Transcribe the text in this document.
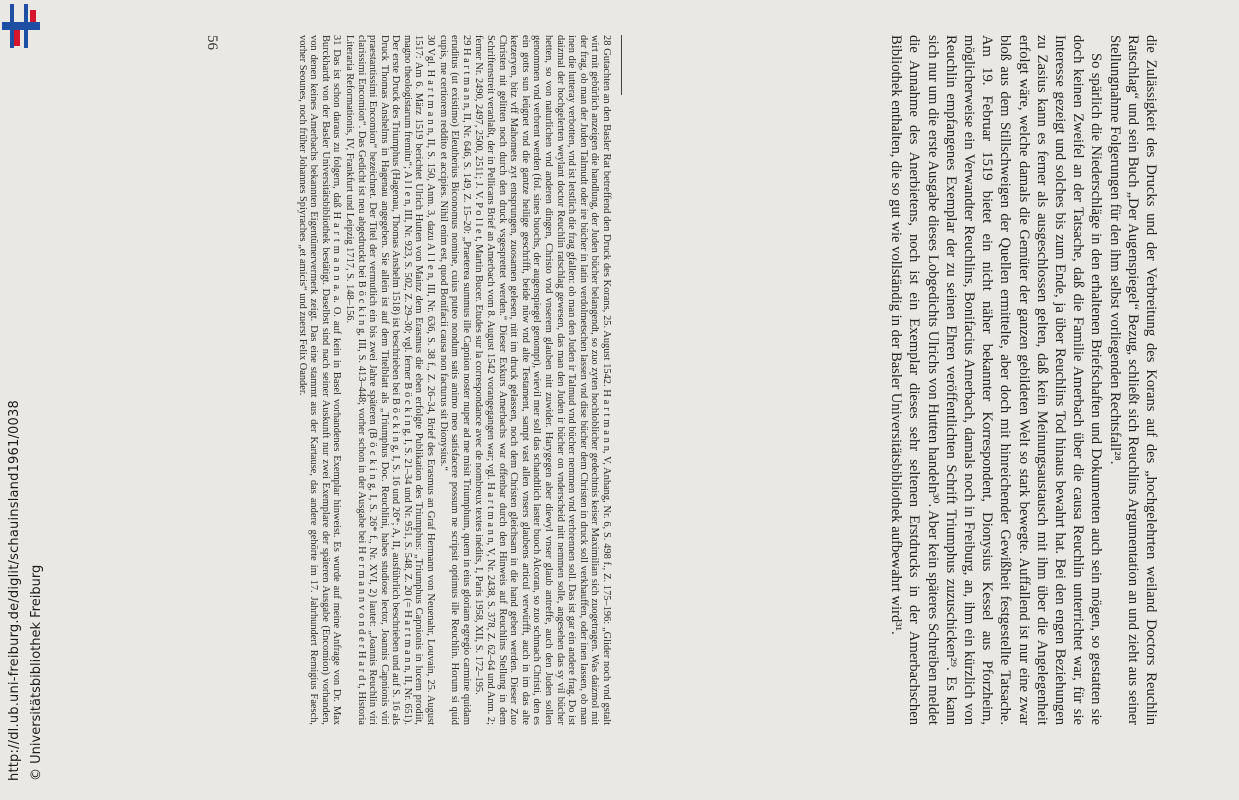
http://dl.ub.uni-freiburg.de/diglit/schauinsland1961/0038 © Universitätsbibliothek Freiburg	die Zulässigkeit des Drucks und der Verbreitung des Korans auf des „hochgelehrten weiland Doctors Reuchlin Ratschlag“ und sein Buch „Der Augenspiegel“ Bezug, schließt sich Reuchlins Argumentation an und zieht aus seiner Stellungnahme Folgerungen für den ihm selbst vorliegenden Rechtsfall²⁸.

So spärlich die Niederschläge in den erhaltenen Briefschaften und Dokumenten auch sein mögen, so gestatten sie doch keinen Zweifel an der Tatsache, daß die Familie Amerbach über die causa Reuchlin unterrichtet war, für sie Interesse gezeigt und solches bis zum Ende, ja über Reuchlins Tod hinaus bewahrt hat. Bei den engen Beziehungen zu Zasius kann es ferner als ausgeschlossen gelten, daß kein Meinungsaustausch mit ihm über die Angelegenheit erfolgt wäre, welche damals die Gemüter der ganzen gebildeten Welt so stark bewegte. Auffallend ist nur eine zwar bloß aus dem Stillschweigen der Quellen ermittelte, aber doch mit hinreichender Gewißheit festgestellte Tatsache. Am 19. Februar 1519 bietet ein nicht näher bekannter Korrespondent, Dionysius Kessel aus Pforzheim, möglicherweise ein Verwandter Reuchlins, Bonifacius Amerbach, damals noch in Freiburg, an, ihm ein kürzlich von Reuchlin empfangenes Exemplar der zu seinen Ehren veröffentlichten Schrift Triumphus zuzuschicken²⁹. Es kann sich nur um die erste Ausgabe dieses Lobgedichts Ulrichs von Hutten handeln³⁰. Aber kein späteres Schreiben meldet die Annahme des Anerbietens, noch ist ein Exemplar dieses sehr seltenen Erstdrucks in der Amerbachschen Bibliothek enthalten, die so gut wie vollständig in der Basler Universitätsbibliothek aufbewahrt wird³¹.

28 Gutachten an den Basler Rat betreffend den Druck des Korans, 25. August 1542. H a r t m a n n, V, Anhang, Nr. 6, S. 498 f., Z. 175–196: „Glider noch vnd gstalt wirt mit gebürlich anzeigen die handlung, der Juden bücher belangendt, so zuo zyten hochloblicher gedechtnis keiser Maximilian sich zuogetragen. Was daizmol mit der frag, ob man der Juden Talmudt oder ire bücher in latin verdolmetschen lassen vnd dise bücher dem Christen in druck soll verkhauffen, oder inen lassen, ob man inen die lutteray verbotten, vnd ist letstlich die frag gfallen: ob man den Juden ir Talmud vnd bücher nemmen vnd verbrennen soll. Das ist gar ein andere frag. Do ist daizmal der hochgelerten weylant doctor Reuchlin ratschlag gewesen, das man den Juden ir bücher on vnderscheid nitt nemmen solle, angesehen das sy vil bücher hetten, so von naturlichen vnd anderen dingen, Christo vnd vnserem glauben nitt zuwider. Harygegen aber diewyl vnser glaub antreffe, auch den Juden sollen genommen vnd verbrent werden (fol. sines buochs, der augenspiegel genompt), wievil mer soll das schandtlich laster buoch Alcoran, so zuo schmach Christi, den es ein gotts sun leügnet vnd die gantze heilige geschrifft, beide nüw vnd alte Testament, sampt vast allen vnsers glaubens articul verwürfft, auch in im das alte ketzeryen, bitz vff Mahomets zyt entsprungen, zuosamen gelesen, nitt im druck gelassen, noch dem Christen gleichsam in die hand geben werden. Dieser Zuo Christen nit gelitten noch durch den druck vsgesprettet werden.“ Dieser Exkurs Amerbachs war offenbar durch den Hinweis auf Reuchlins Stellung in dem Schriftenstreit veranlaßt, der in Pellicans Brief an Amerbach vom 8. August 1542 vorangegangen war; vgl. H a r t m a n n, V, Nr. 2438, S. 378, Z. 62–64 und Anm. 2; ferner Nr. 2490, 2497, 2500, 2511; J. V. P o l l e t, Martin Bucer. Etudes sur la correspondance avec de nombreux textes inédits, I, Paris 1958, XII, S. 172–195.

29 H a r t m a n n, II, Nr. 646, S. 149, Z. 15–20: „Praeterea summus ille Capnion noster nuper ad me misit Triumphum, quem in eius gloriam egregio carmine quidam eruditus (ut existimo) Eleutherius Biconomus nomine, cuius puteo nondum satis animo meo satisfacere possum ne scripsit optimus ille Reuchlin. Horum si quid cupis, me certiorem reddito et accipies. Nihil enim est, quod Bonifacii causa non facturus sit Dionysius.“

30 Vgl. H a r t m a n n, II, S. 150, Anm. 3, dazu A l l e n, III, Nr. 636, S. 38 f., Z. 26–34, Brief des Erasmus an Graf Hermann von Neuenahr, Louvain, 25. August 1517: Am 6. März 1519 berichtet Ulrich Hutten von Mainz dem Erasmus die eben erfolgte Publikation des Triumphus: „Triumphus Capnionis in lucem prodiit, magno theologistarum fremitu“; A l l e n, III, Nr. 923, S. 502, Z. 29–30; vgl. ferner B ö c k i n g, I, S. 21–34 und Nr. 951, S. 548, Z. 20 (= H a r t m a n n, II, Nr. 651). Der erste Druck des Triumphus (Hagenau, Thomas Anshelm 1518) ist beschrieben bei B ö c k i n g, I, S. 16 und 26*; A, II, ausführlich beschrieben und auf S. 16 als Druck Thomas Anshelms in Hagenau angegeben. Sie allein ist auf dem Titelblatt als „Triumphus Doc. Reuchlini, habes studiose lector, Joannis Capnionis viri praestantissimi Encomion“ bezeichnet. Der Titel der vermutlich ein bis zwei Jahre späteren (B ö c k i n g, I, S. 26* f., Nr. XVI, 2) lautet: „Joannis Reuchlin viri clarissimi Encomion“. Das Gedicht ist neu abgedruckt bei B ö c k i n g, III, S. 413–448; vorher schon in der Ausgabe bei H e r m a n n v o n d e r H a r d t, Historia Literaria Reformationis, IV, Frankfurt und Leipzig 1717, S. 148–156.

31 Das ist schon daraus zu folgern, daß H a r t m a n n a. a. O. auf kein in Basel vorhandenes Exemplar hinweist. Es wurde auf meine Anfrage von Dr. Max Burckhardt von der Basler Universitätsbibliothek bestätigt. Daselbst sind nach seiner Auskunft nur zwei Exemplare der späteren Ausgabe (Encomion) vorhanden, von denen keines Amerbachs bekannten Eigentümervermerk zeigt. Das eine stammt aus der Kartause, das andere gehörte im 17. Jahrhundert Remigius Faesch, vorher Seounes, noch früher Johannes Spiyraches „et amicis“ und zuerst Felix Oander.

56
